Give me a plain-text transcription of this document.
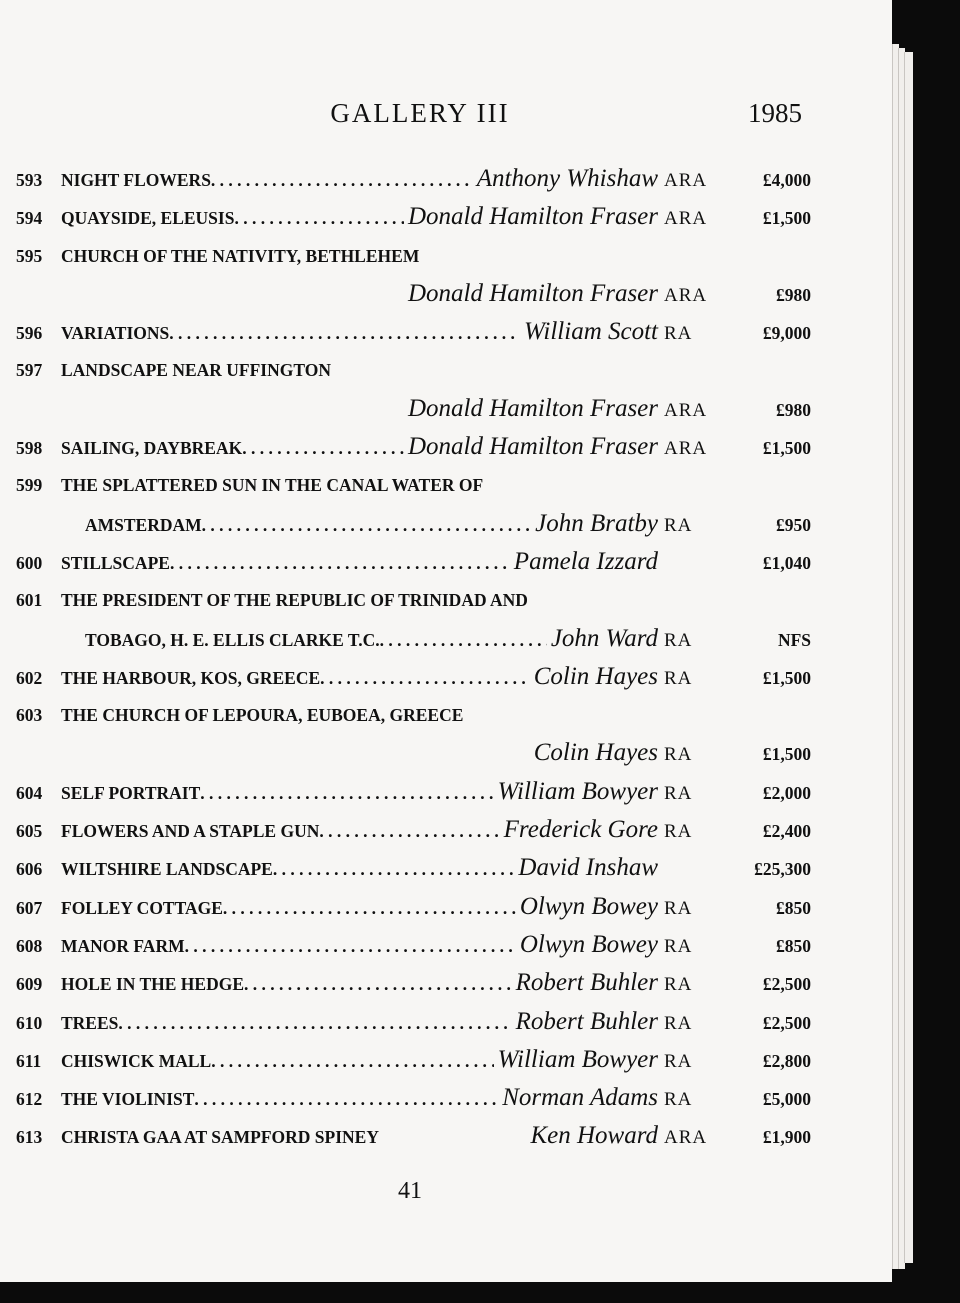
GALLERY III	1985
593	NIGHT FLOWERS . . .	Anthony Whishaw ARA	£4,000
594	QUAYSIDE, ELEUSIS . . .	Donald Hamilton Fraser ARA	£1,500
595	CHURCH OF THE NATIVITY, BETHLEHEM
Donald Hamilton Fraser ARA	£980
596	VARIATIONS . . .	William Scott RA	£9,000
597	LANDSCAPE NEAR UFFINGTON
Donald Hamilton Fraser ARA	£980
598	SAILING, DAYBREAK . . .	Donald Hamilton Fraser ARA	£1,500
599	THE SPLATTERED SUN IN THE CANAL WATER OF
AMSTERDAM . . .	John Bratby RA	£950
600	STILLSCAPE . . .	Pamela Izzard	£1,040
601	THE PRESIDENT OF THE REPUBLIC OF TRINIDAD AND
TOBAGO, H. E. ELLIS CLARKE T.C. . . .	John Ward RA	NFS
602	THE HARBOUR, KOS, GREECE . . .	Colin Hayes RA	£1,500
603	THE CHURCH OF LEPOURA, EUBOEA, GREECE
Colin Hayes RA	£1,500
604	SELF PORTRAIT . . .	William Bowyer RA	£2,000
605	FLOWERS AND A STAPLE GUN . . .	Frederick Gore RA	£2,400
606	WILTSHIRE LANDSCAPE . . .	David Inshaw	£25,300
607	FOLLEY COTTAGE . . .	Olwyn Bowey RA	£850
608	MANOR FARM . . .	Olwyn Bowey RA	£850
609	HOLE IN THE HEDGE . . .	Robert Buhler RA	£2,500
610	TREES . . .	Robert Buhler RA	£2,500
611	CHISWICK MALL . . .	William Bowyer RA	£2,800
612	THE VIOLINIST . . .	Norman Adams RA	£5,000
613	CHRISTA GAA AT SAMPFORD SPINEY	Ken Howard ARA	£1,900
41
